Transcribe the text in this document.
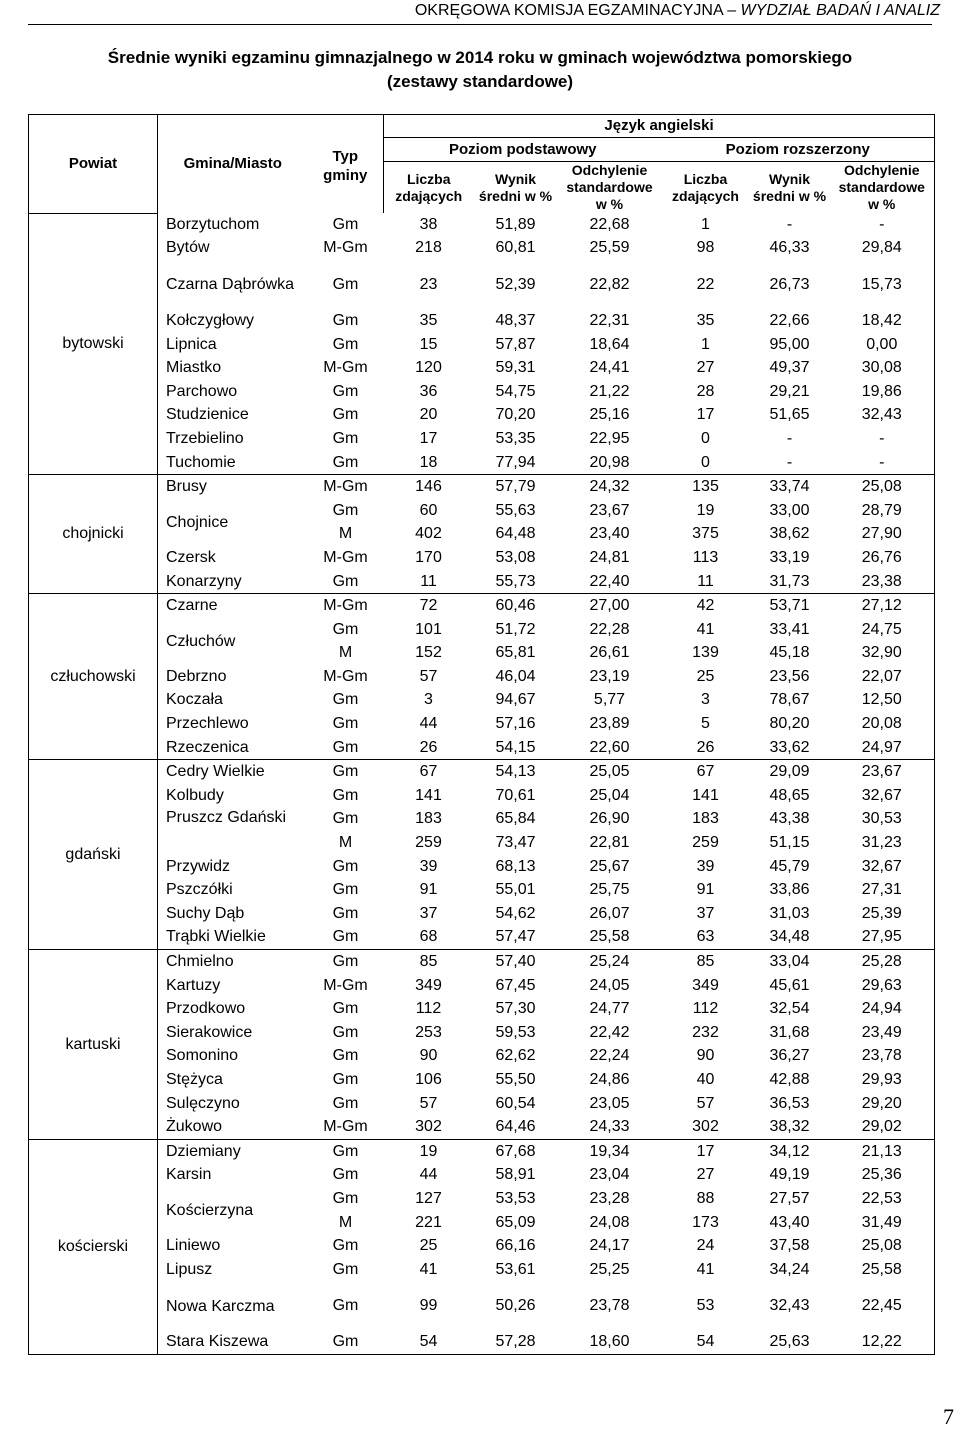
OKRĘGOWA KOMISJA EGZAMINACYJNA – WYDZIAŁ BADAŃ I ANALIZ
Średnie wyniki egzaminu gimnazjalnego w 2014 roku w gminach województwa pomorskiego
(zestawy standardowe)
Powiat	Gmina/Miasto	Typ gminy	Język angielski					
			Poziom podstawowy			Poziom rozszerzony		
			Liczba zdających	Wynik średni w %	Odchylenie standardowe w %	Liczba zdających	Wynik średni w %	Odchylenie standardowe w %

bytowski	Borzytuchom	Gm	38	51,89	22,68	1	-	-
	Bytów	M-Gm	218	60,81	25,59	98	46,33	29,84
	Czarna Dąbrówka	Gm	23	52,39	22,82	22	26,73	15,73
	Kołczygłowy	Gm	35	48,37	22,31	35	22,66	18,42
	Lipnica	Gm	15	57,87	18,64	1	95,00	0,00
	Miastko	M-Gm	120	59,31	24,41	27	49,37	30,08
	Parchowo	Gm	36	54,75	21,22	28	29,21	19,86
	Studzienice	Gm	20	70,20	25,16	17	51,65	32,43
	Trzebielino	Gm	17	53,35	22,95	0	-	-
	Tuchomie	Gm	18	77,94	20,98	0	-	-
chojnicki	Brusy	M-Gm	146	57,79	24,32	135	33,74	25,08
	Chojnice	Gm	60	55,63	23,67	19	33,00	28,79
		M	402	64,48	23,40	375	38,62	27,90
	Czersk	M-Gm	170	53,08	24,81	113	33,19	26,76
	Konarzyny	Gm	11	55,73	22,40	11	31,73	23,38
człuchowski	Czarne	M-Gm	72	60,46	27,00	42	53,71	27,12
	Człuchów	Gm	101	51,72	22,28	41	33,41	24,75
		M	152	65,81	26,61	139	45,18	32,90
	Debrzno	M-Gm	57	46,04	23,19	25	23,56	22,07
	Koczała	Gm	3	94,67	5,77	3	78,67	12,50
	Przechlewo	Gm	44	57,16	23,89	5	80,20	20,08
	Rzeczenica	Gm	26	54,15	22,60	26	33,62	24,97
gdański	Cedry Wielkie	Gm	67	54,13	25,05	67	29,09	23,67
	Kolbudy	Gm	141	70,61	25,04	141	48,65	32,67
	Pruszcz Gdański	Gm	183	65,84	26,90	183	43,38	30,53
		M	259	73,47	22,81	259	51,15	31,23
	Przywidz	Gm	39	68,13	25,67	39	45,79	32,67
	Pszczółki	Gm	91	55,01	25,75	91	33,86	27,31
	Suchy Dąb	Gm	37	54,62	26,07	37	31,03	25,39
	Trąbki Wielkie	Gm	68	57,47	25,58	63	34,48	27,95
kartuski	Chmielno	Gm	85	57,40	25,24	85	33,04	25,28
	Kartuzy	M-Gm	349	67,45	24,05	349	45,61	29,63
	Przodkowo	Gm	112	57,30	24,77	112	32,54	24,94
	Sierakowice	Gm	253	59,53	22,42	232	31,68	23,49
	Somonino	Gm	90	62,62	22,24	90	36,27	23,78
	Stężyca	Gm	106	55,50	24,86	40	42,88	29,93
	Sulęczyno	Gm	57	60,54	23,05	57	36,53	29,20
	Żukowo	M-Gm	302	64,46	24,33	302	38,32	29,02
kościerski	Dziemiany	Gm	19	67,68	19,34	17	34,12	21,13
	Karsin	Gm	44	58,91	23,04	27	49,19	25,36
	Kościerzyna	Gm	127	53,53	23,28	88	27,57	22,53
		M	221	65,09	24,08	173	43,40	31,49
	Liniewo	Gm	25	66,16	24,17	24	37,58	25,08
	Lipusz	Gm	41	53,61	25,25	41	34,24	25,58
	Nowa Karczma	Gm	99	50,26	23,78	53	32,43	22,45
	Stara Kiszewa	Gm	54	57,28	18,60	54	25,63	12,22
7
